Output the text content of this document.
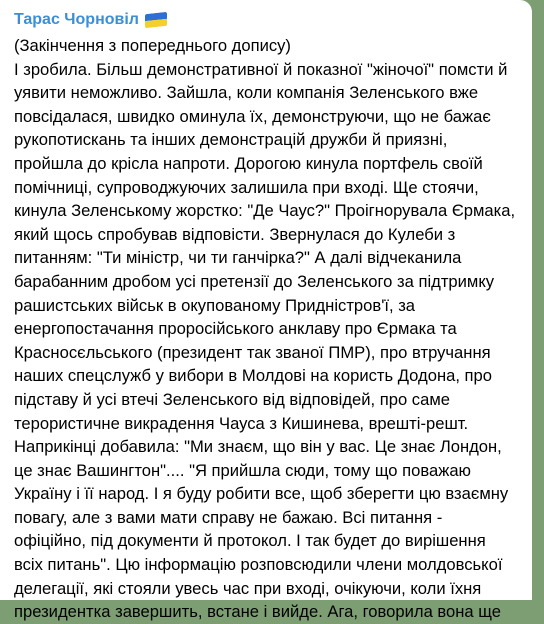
Тарас Чорновіл
(Закінчення з попереднього допису)
І зробила. Більш демонстративної й показної "жіночої" помсти й
уявити неможливо. Зайшла, коли компанія Зеленського вже
повсідалася, швидко оминула їх, демонструючи, що не бажає
рукопотискань та інших демонстрацій дружби й приязні,
пройшла до крісла напроти. Дорогою кинула портфель своїй
помічниці, супроводжуючих залишила при вході. Ще стоячи,
кинула Зеленському жорстко: "Де Чаус?" Проігнорувала Єрмака,
який щось спробував відповісти. Звернулася до Кулеби з
питанням: "Ти міністр, чи ти ганчірка?" А далі відчеканила
барабанним дробом усі претензії до Зеленського за підтримку
рашистських військ в окупованому Придністров'ї, за
енергопостачання проросійського анклаву про Єрмака та
Красносєльського (президент так званої ПМР), про втручання
наших спецслужб у вибори в Молдові на користь Додона, про
підставу й усі втечі Зеленського від відповідей, про саме
терористичне викрадення Чауса з Кишинева, врешті-решт.
Наприкінці добавила: "Ми знаєм, що він у вас. Це знає Лондон,
це знає Вашингтон".... "Я прийшла сюди, тому що поважаю
Україну і її народ. І я буду робити все, щоб зберегти цю взаємну
повагу, але з вами мати справу не бажаю. Всі питання -
офіційно, під документи й протокол. І так будет до вирішення
всіх питань". Цю інформацію розповсюдили члени молдовської
делегації, які стояли увесь час при вході, очікуючи, коли їхня
президентка завершить, встане і вийде. Ага, говорила вона ще
